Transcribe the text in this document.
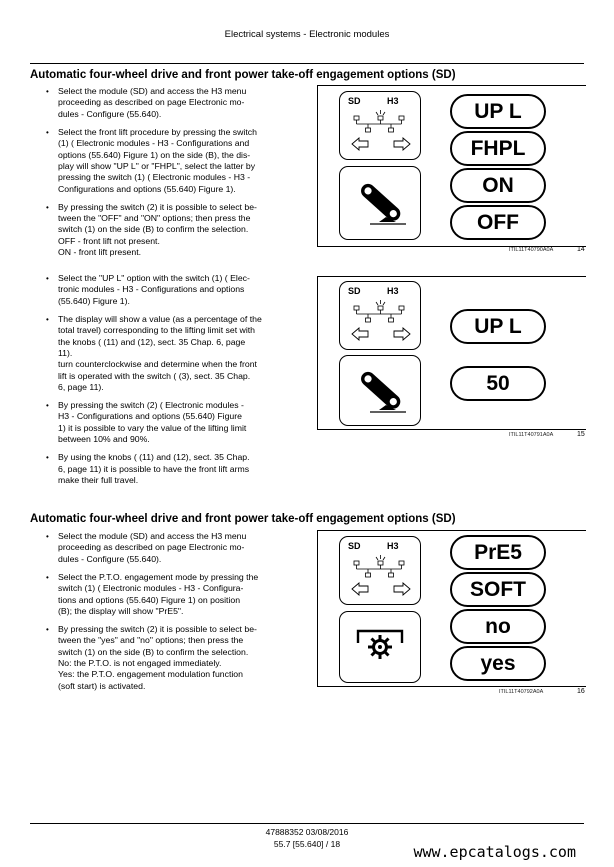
Electrical systems - Electronic modules
Automatic four-wheel drive and front power take-off engagement options (SD)

• Select the module (SD) and access the H3 menu

proceeding as described on page Electronic mo-

dules - Configure (55.640).

• Select the front lift procedure by pressing the switch

(1) ( Electronic modules - H3 - Configurations and

options (55.640) Figure 1) on the side (B), the dis-

play will show "UP L" or "FHPL", select the latter by

pressing the switch (1) ( Electronic modules - H3 -

Configurations and options (55.640) Figure 1).

• By pressing the switch (2) it is possible to select be-

tween the "OFF" and "ON" options; then press the

switch (1) on the side (B) to confirm the selection.

OFF - front lift not present.

ON - front lift present.

• Select the "UP L" option with the switch (1) ( Elec-

tronic modules - H3 - Configurations and options

(55.640) Figure 1).

• The display will show a value (as a percentage of the

total travel) corresponding to the lifting limit set with

the knobs ( (11) and (12), sect. 35 Chap. 6, page

11).

turn counterclockwise and determine when the front

lift is operated with the switch ( (3), sect. 35 Chap.

6, page 11).

• By pressing the switch (2) ( Electronic modules -

H3 - Configurations and options (55.640) Figure

1) it is possible to vary the value of the lifting limit

between 10% and 90%.

• By using the knobs ( (11) and (12), sect. 35 Chap.

6, page 11) it is possible to have the front lift arms

make their full travel.

SD	H3	UP L
FHPL
ON
OFF
ITIL11T40790A0A	14
SD	H3
UP L
50
ITIL11T40791A0A	15
Automatic four-wheel drive and front power take-off engagement options (SD)

• Select the module (SD) and access the H3 menu

proceeding as described on page Electronic mo-

dules - Configure (55.640).

• Select the P.T.O. engagement mode by pressing the

switch (1) ( Electronic modules - H3 - Configura-

tions and options (55.640) Figure 1) on position

(B); the display will show "PrE5".

• By pressing the switch (2) it is possible to select be-

tween the "yes" and "no" options; then press the

switch (1) on the side (B) to confirm the selection.

No: the P.T.O. is not engaged immediately.

Yes: the P.T.O. engagement modulation function

(soft start) is activated.

SD	H3	PrE5
SOFT
no
yes
ITIL11T40792A0A	16
47888352 03/08/2016
55.7 [55.640] / 18	www.epcatalogs.com
